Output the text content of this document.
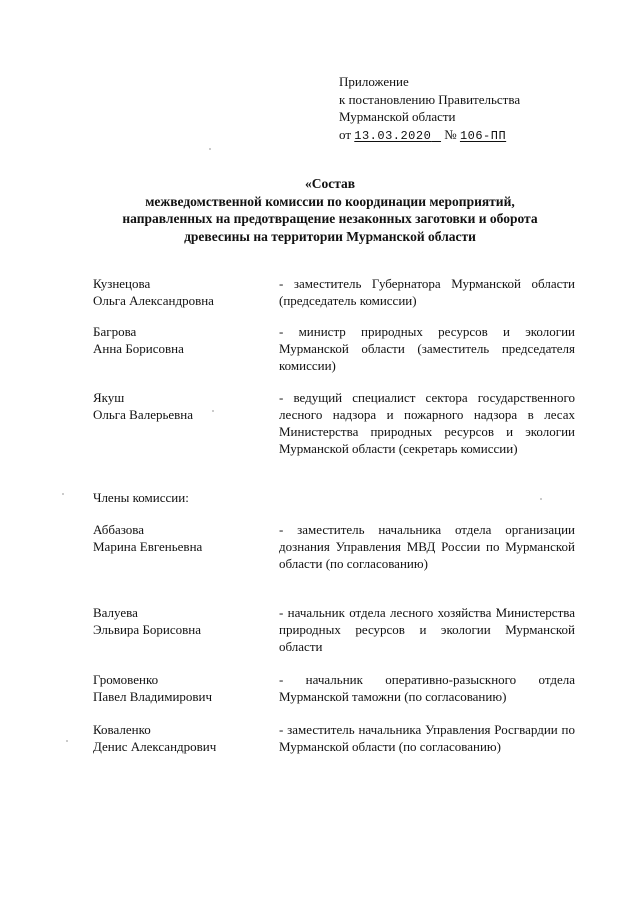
Приложение
к постановлению Правительства
Мурманской области
от 13.03.2020 № 106-ПП
«Состав
межведомственной комиссии по координации мероприятий,
направленных на предотвращение незаконных заготовки и оборота
древесины на территории Мурманской области
Кузнецова
Ольга Александровна
- заместитель Губернатора Мурманской области (председатель комиссии)
Багрова
Анна Борисовна
- министр природных ресурсов и экологии Мурманской области (заместитель председателя комиссии)
Якуш
Ольга Валерьевна
- ведущий специалист сектора государственного лесного надзора и пожарного надзора в лесах Министерства природных ресурсов и экологии Мурманской области (секретарь комиссии)
Члены комиссии:
Аббазова
Марина Евгеньевна
- заместитель начальника отдела организации дознания Управления МВД России по Мурманской области (по согласованию)
Валуева
Эльвира Борисовна
- начальник отдела лесного хозяйства Министерства природных ресурсов и экологии Мурманской области
Громовенко
Павел Владимирович
- начальник оперативно-разыскного отдела Мурманской таможни (по согласованию)
Коваленко
Денис Александрович
- заместитель начальника Управления Росгвардии по Мурманской области (по согласованию)
